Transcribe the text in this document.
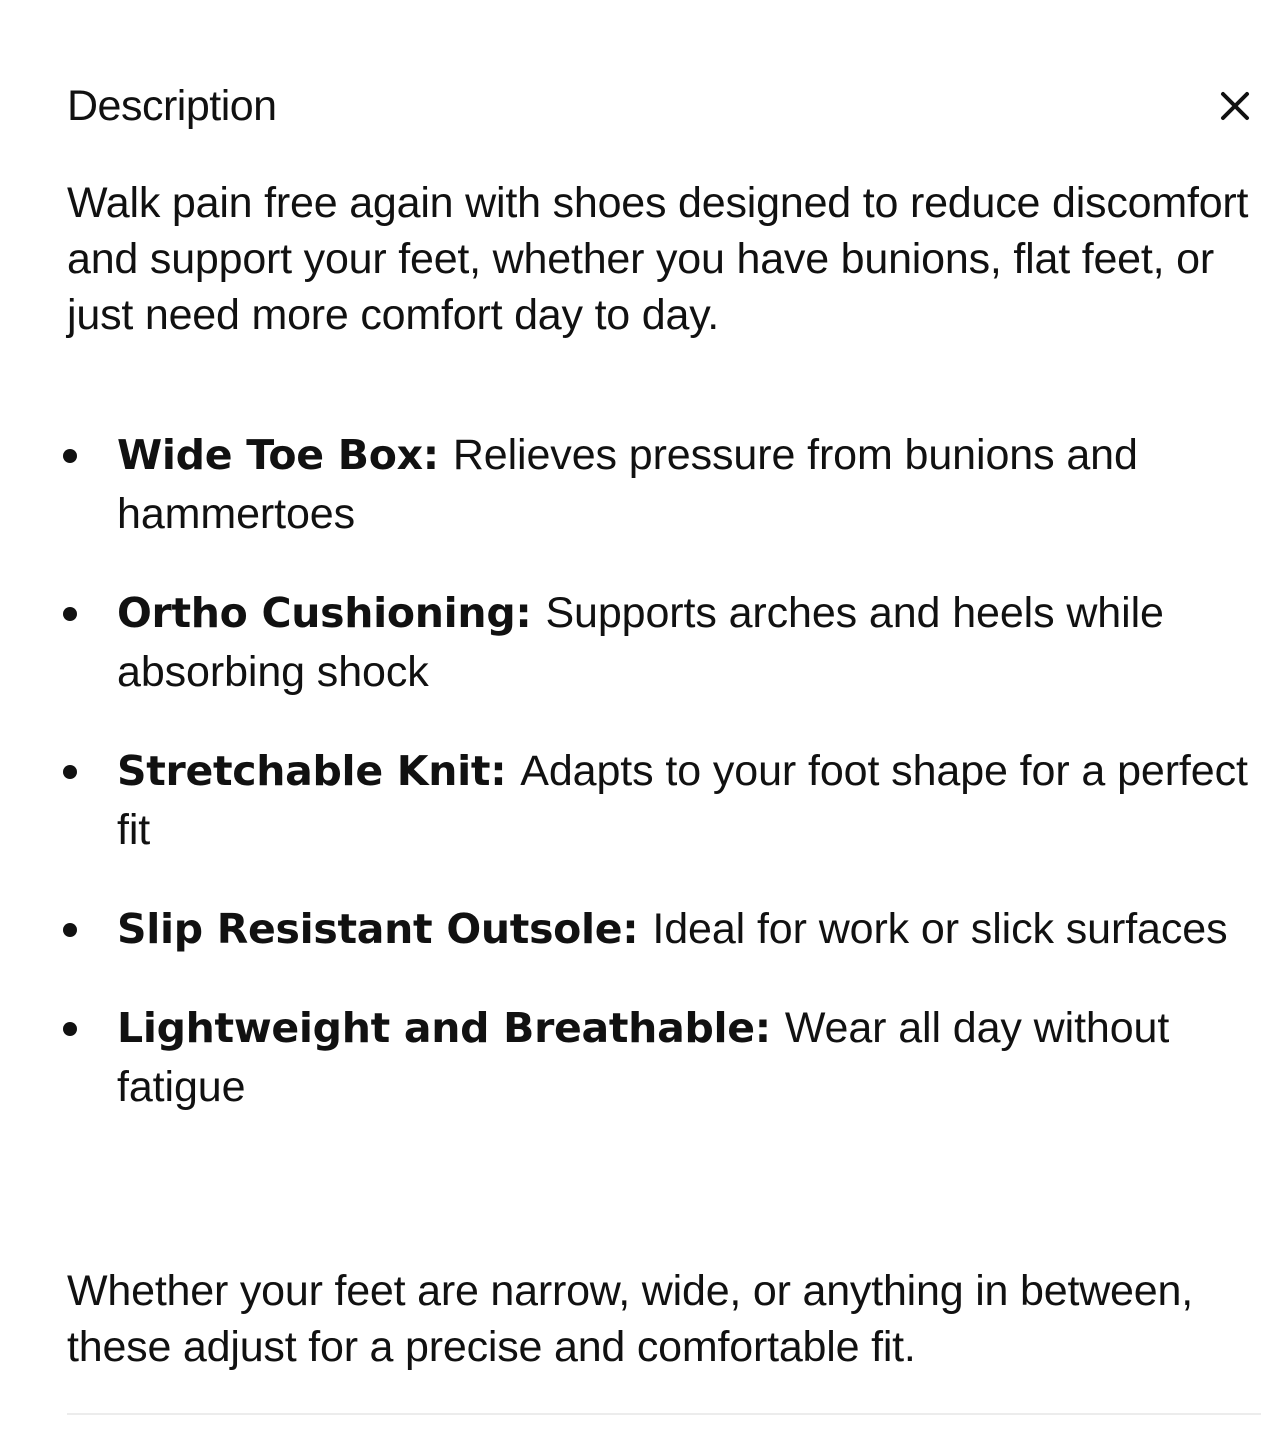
Description

Walk pain free again with shoes designed to reduce discomfort and support your feet, whether you have bunions, flat feet, or just need more comfort day to day.

Wide Toe Box: Relieves pressure from bunions and hammertoes
Ortho Cushioning: Supports arches and heels while absorbing shock
Stretchable Knit: Adapts to your foot shape for a perfect fit
Slip Resistant Outsole: Ideal for work or slick surfaces
Lightweight and Breathable: Wear all day without fatigue

Whether your feet are narrow, wide, or anything in between, these adjust for a precise and comfortable fit.
